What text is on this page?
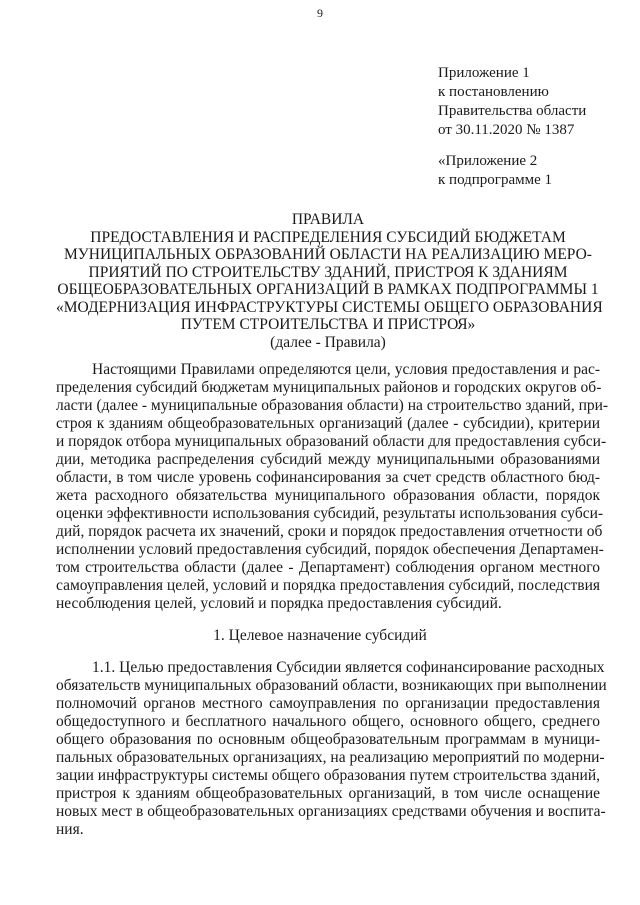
9
Приложение 1
к постановлению
Правительства области
от 30.11.2020 № 1387
«Приложение 2
к подпрограмме 1
ПРАВИЛА
ПРЕДОСТАВЛЕНИЯ И РАСПРЕДЕЛЕНИЯ СУБСИДИЙ БЮДЖЕТАМ
МУНИЦИПАЛЬНЫХ ОБРАЗОВАНИЙ ОБЛАСТИ НА РЕАЛИЗАЦИЮ МЕРО-
ПРИЯТИЙ ПО СТРОИТЕЛЬСТВУ ЗДАНИЙ, ПРИСТРОЯ К ЗДАНИЯМ
ОБЩЕОБРАЗОВАТЕЛЬНЫХ ОРГАНИЗАЦИЙ В РАМКАХ ПОДПРОГРАММЫ 1
«МОДЕРНИЗАЦИЯ ИНФРАСТРУКТУРЫ СИСТЕМЫ ОБЩЕГО ОБРАЗОВАНИЯ
ПУТЕМ СТРОИТЕЛЬСТВА И ПРИСТРОЯ»
(далее - Правила)
Настоящими Правилами определяются цели, условия предоставления и рас-
пределения субсидий бюджетам муниципальных районов и городских округов об-
ласти (далее - муниципальные образования области) на строительство зданий, при-
строя к зданиям общеобразовательных организаций (далее - субсидии), критерии
и порядок отбора муниципальных образований области для предоставления субси-
дии, методика распределения субсидий между муниципальными образованиями
области, в том числе уровень софинансирования за счет средств областного бюд-
жета расходного обязательства муниципального образования области, порядок
оценки эффективности использования субсидий, результаты использования субси-
дий, порядок расчета их значений, сроки и порядок предоставления отчетности об
исполнении условий предоставления субсидий, порядок обеспечения Департамен-
том строительства области (далее - Департамент) соблюдения органом местного
самоуправления целей, условий и порядка предоставления субсидий, последствия
несоблюдения целей, условий и порядка предоставления субсидий.
1. Целевое назначение субсидий
1.1. Целью предоставления Субсидии является софинансирование расходных
обязательств муниципальных образований области, возникающих при выполнении
полномочий органов местного самоуправления по организации предоставления
общедоступного и бесплатного начального общего, основного общего, среднего
общего образования по основным общеобразовательным программам в муници-
пальных образовательных организациях, на реализацию мероприятий по модерни-
зации инфраструктуры системы общего образования путем строительства зданий,
пристроя к зданиям общеобразовательных организаций, в том числе оснащение
новых мест в общеобразовательных организациях средствами обучения и воспита-
ния.
